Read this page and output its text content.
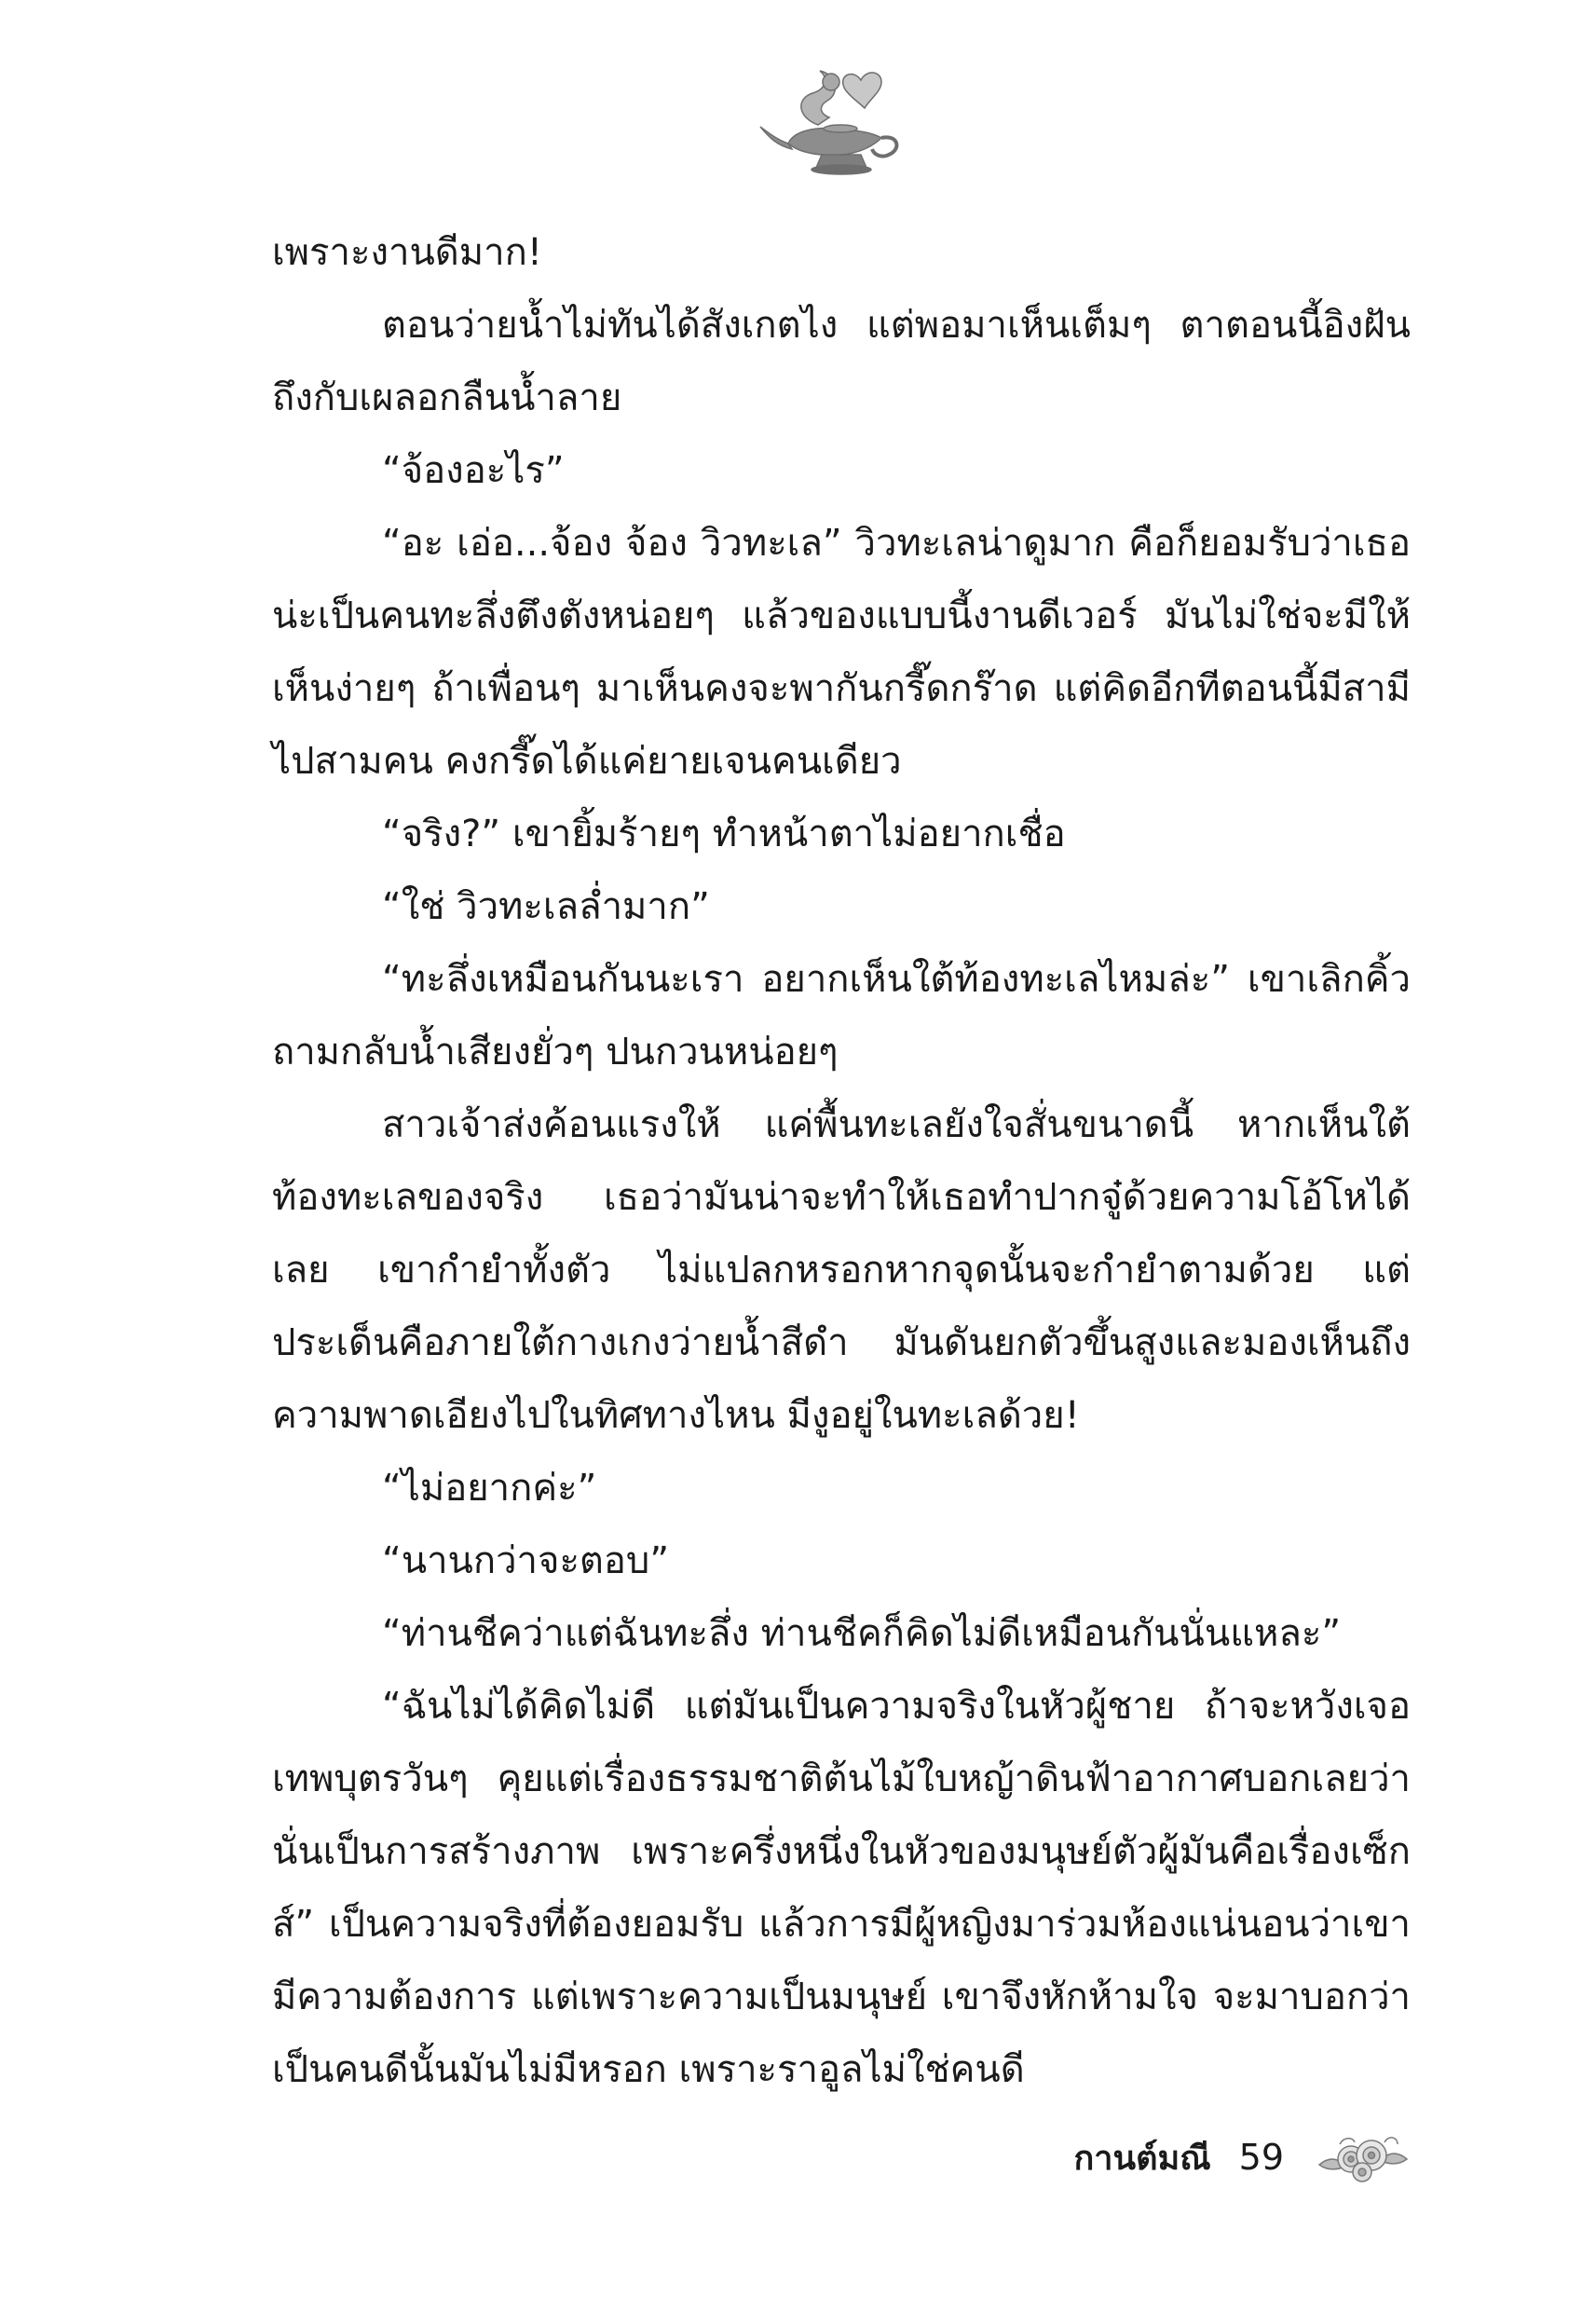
เพราะงานดีมาก!

ตอนว่ายน้ำไม่ทันได้สังเกตไง แต่พอมาเห็นเต็มๆ ตาตอนนี้อิงฝันถึงกับเผลอกลืนน้ำลาย

“จ้องอะไร”

“อะ เอ่อ...จ้อง จ้อง วิวทะเล” วิวทะเลน่าดูมาก คือก็ยอมรับว่าเธอน่ะเป็นคนทะลึ่งตึงตังหน่อยๆ แล้วของแบบนี้งานดีเวอร์ มันไม่ใช่จะมีให้เห็นง่ายๆ ถ้าเพื่อนๆ มาเห็นคงจะพากันกรี๊ดกร๊าด แต่คิดอีกทีตอนนี้มีสามีไปสามคน คงกรี๊ดได้แค่ยายเจนคนเดียว

“จริง?” เขายิ้มร้ายๆ ทำหน้าตาไม่อยากเชื่อ

“ใช่ วิวทะเลล่ำมาก”

“ทะลึ่งเหมือนกันนะเรา อยากเห็นใต้ท้องทะเลไหมล่ะ” เขาเลิกคิ้วถามกลับน้ำเสียงยั่วๆ ปนกวนหน่อยๆ

สาวเจ้าส่งค้อนแรงให้ แค่พื้นทะเลยังใจสั่นขนาดนี้ หากเห็นใต้ท้องทะเลของจริง เธอว่ามันน่าจะทำให้เธอทำปากจู๋ด้วยความโอ้โหได้เลย เขากำยำทั้งตัว ไม่แปลกหรอกหากจุดนั้นจะกำยำตามด้วย แต่ประเด็นคือภายใต้กางเกงว่ายน้ำสีดำ มันดันยกตัวขึ้นสูงและมองเห็นถึงความพาดเอียงไปในทิศทางไหน มีงูอยู่ในทะเลด้วย!

“ไม่อยากค่ะ”

“นานกว่าจะตอบ”

“ท่านชีคว่าแต่ฉันทะลึ่ง ท่านชีคก็คิดไม่ดีเหมือนกันนั่นแหละ”

“ฉันไม่ได้คิดไม่ดี แต่มันเป็นความจริงในหัวผู้ชาย ถ้าจะหวังเจอเทพบุตรวันๆ คุยแต่เรื่องธรรมชาติต้นไม้ใบหญ้าดินฟ้าอากาศบอกเลยว่านั่นเป็นการสร้างภาพ เพราะครึ่งหนึ่งในหัวของมนุษย์ตัวผู้มันคือเรื่องเซ็กส์” เป็นความจริงที่ต้องยอมรับ แล้วการมีผู้หญิงมาร่วมห้องแน่นอนว่าเขามีความต้องการ แต่เพราะความเป็นมนุษย์ เขาจึงหักห้ามใจ จะมาบอกว่าเป็นคนดีนั้นมันไม่มีหรอก เพราะราอูลไม่ใช่คนดี

กานต์มณี 59
